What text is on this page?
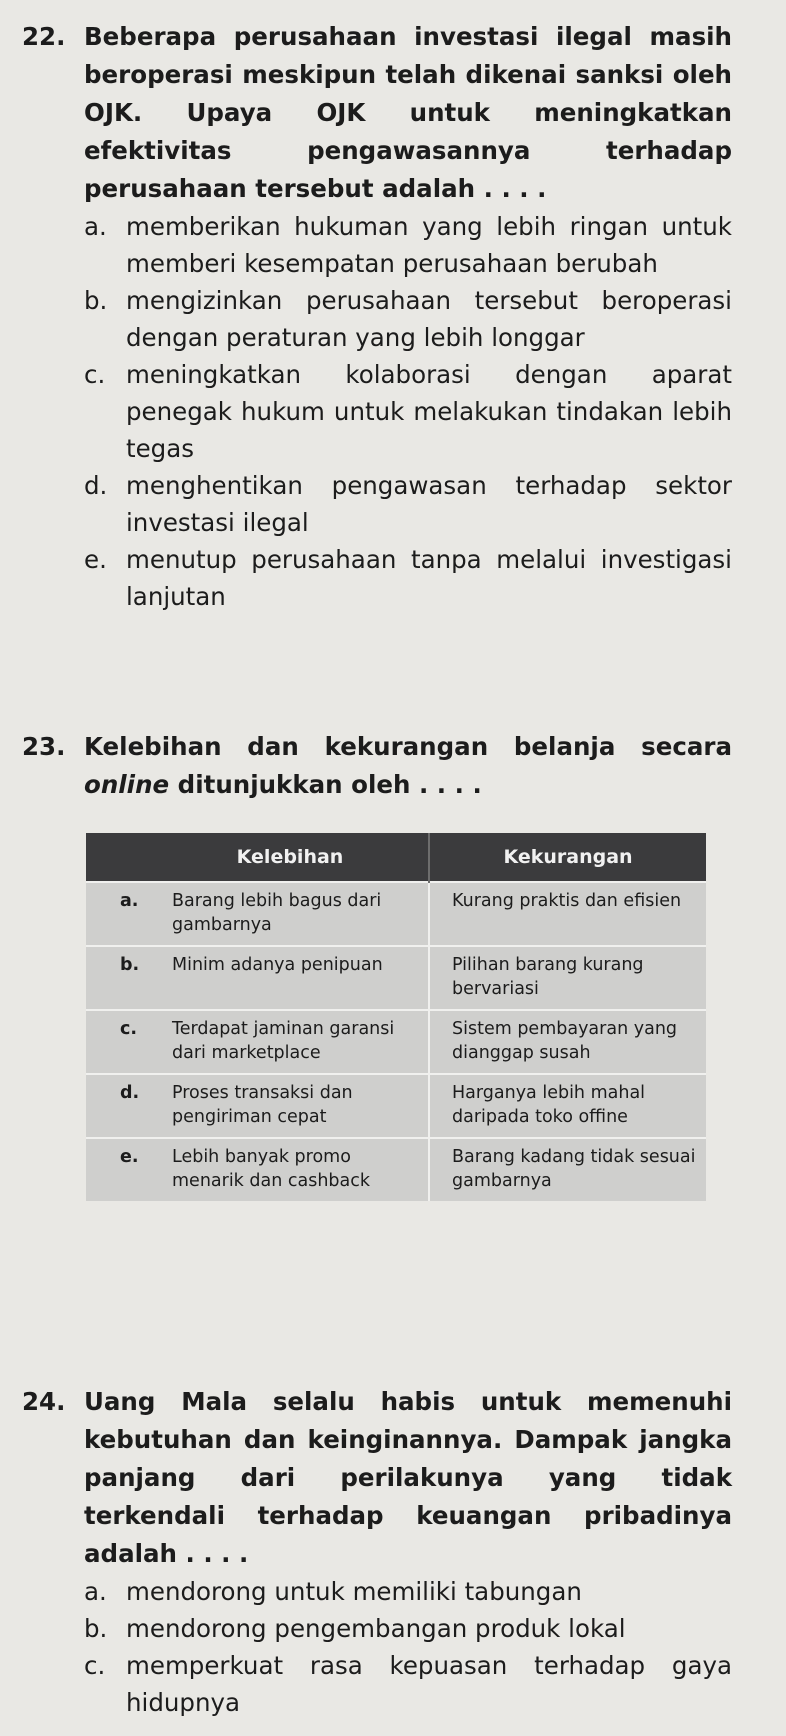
22. Beberapa perusahaan investasi ilegal masih beroperasi meskipun telah dikenai sanksi oleh OJK. Upaya OJK untuk meningkatkan efektivitas pengawasannya terhadap perusahaan tersebut adalah . . . .
a. memberikan hukuman yang lebih ringan untuk memberi kesempatan perusahaan berubah
b. mengizinkan perusahaan tersebut beroperasi dengan peraturan yang lebih longgar
c. meningkatkan kolaborasi dengan aparat penegak hukum untuk melakukan tindakan lebih tegas
d. menghentikan pengawasan terhadap sektor investasi ilegal
e. menutup perusahaan tanpa melalui investigasi lanjutan
23. Kelebihan dan kekurangan belanja secara online ditunjukkan oleh . . . .
	Kelebihan	Kekurangan
a.	Barang lebih bagus dari gambarnya	Kurang praktis dan efisien
b.	Minim adanya penipuan	Pilihan barang kurang bervariasi
c.	Terdapat jaminan garansi dari marketplace	Sistem pembayaran yang dianggap susah
d.	Proses transaksi dan pengiriman cepat	Harganya lebih mahal daripada toko offine
e.	Lebih banyak promo menarik dan cashback	Barang kadang tidak sesuai gambarnya
24. Uang Mala selalu habis untuk memenuhi kebutuhan dan keinginannya. Dampak jangka panjang dari perilakunya yang tidak terkendali terhadap keuangan pribadinya adalah . . . .
a. mendorong untuk memiliki tabungan
b. mendorong pengembangan produk lokal
c. memperkuat rasa kepuasan terhadap gaya hidupnya
